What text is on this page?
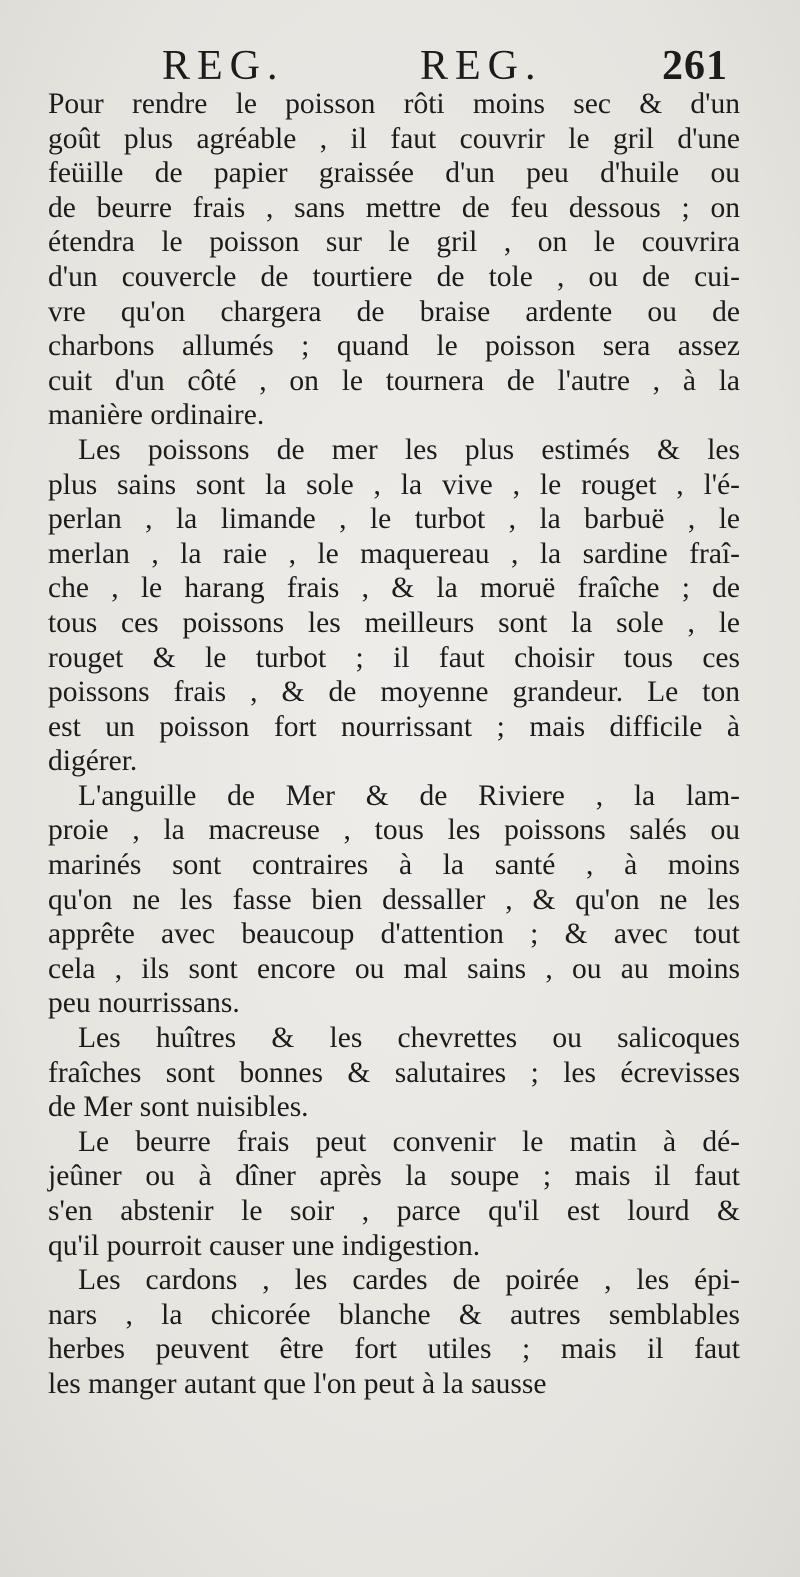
REG.	REG.	261
Pour rendre le poisson rôti moins sec & d'un
goût plus agréable , il faut couvrir le gril d'une
feüille de papier graissée d'un peu d'huile ou
de beurre frais , sans mettre de feu dessous ; on
étendra le poisson sur le gril , on le couvrira
d'un couvercle de tourtiere de tole , ou de cui-
vre qu'on chargera de braise ardente ou de
charbons allumés ; quand le poisson sera assez
cuit d'un côté , on le tournera de l'autre , à la
manière ordinaire.
Les poissons de mer les plus estimés & les
plus sains sont la sole , la vive , le rouget , l'é-
perlan , la limande , le turbot , la barbuë , le
merlan , la raie , le maquereau , la sardine fraî-
che , le harang frais , & la moruë fraîche ; de
tous ces poissons les meilleurs sont la sole , le
rouget & le turbot ; il faut choisir tous ces
poissons frais , & de moyenne grandeur. Le ton
est un poisson fort nourrissant ; mais difficile à
digérer.
L'anguille de Mer & de Riviere , la lam-
proie , la macreuse , tous les poissons salés ou
marinés sont contraires à la santé , à moins
qu'on ne les fasse bien dessaller , & qu'on ne les
apprête avec beaucoup d'attention ; & avec tout
cela , ils sont encore ou mal sains , ou au moins
peu nourrissans.
Les huîtres & les chevrettes ou salicoques
fraîches sont bonnes & salutaires ; les écrevisses
de Mer sont nuisibles.
Le beurre frais peut convenir le matin à dé-
jeûner ou à dîner après la soupe ; mais il faut
s'en abstenir le soir , parce qu'il est lourd &
qu'il pourroit causer une indigestion.
Les cardons , les cardes de poirée , les épi-
nars , la chicorée blanche & autres semblables
herbes peuvent être fort utiles ; mais il faut
les manger autant que l'on peut à la sausse
